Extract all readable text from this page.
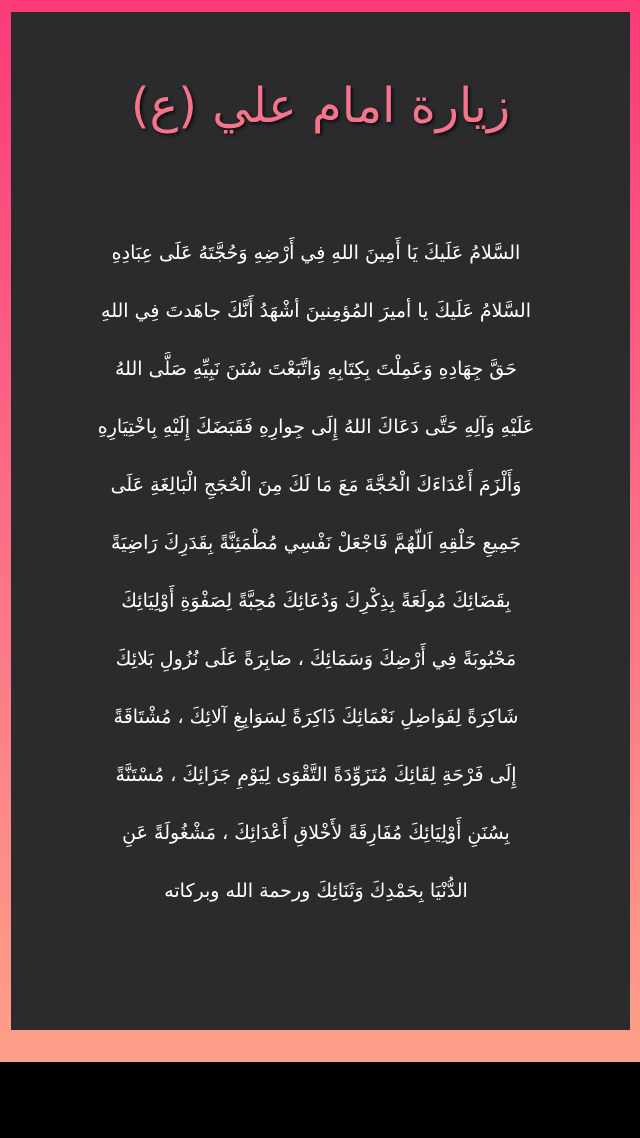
زيارة امام علي (ع)
السَّلامُ عَلَيكَ يَا أَمِينَ اللهِ فِي أَرْضِهِ وَحُجَّتَهُ عَلَى عِبَادِهِ
السَّلامُ عَلَيكَ يا أميرَ المُؤمِنينَ أشْهَدُ أَنَّكَ جاهَدتَ فِي اللهِ
حَقَّ جِهَادِهِ وَعَمِلْتَ بِكِتَابِهِ وَاتَّبَعْتَ سُنَنَ نَبِيِّهِ صَلَّى اللهُ
عَلَيْهِ وَآلِهِ حَتَّى دَعَاكَ اللهُ إِلَى جِوارِهِ فَقَبَضَكَ إِلَيْهِ بِاخْتِيَارِهِ
وَأَلْزَمَ أَعْدَاءَكَ الْحُجَّةَ مَعَ مَا لَكَ مِنَ الْحُجَجِ الْبَالِغَةِ عَلَى
جَمِيعِ خَلْقِهِ اَللّهُمَّ فَاجْعَلْ نَفْسِي مُطْمَئِنَّةً بِقَدَرِكَ رَاضِيَةً
بِقَضَائِكَ مُولَعَةً بِذِكْرِكَ وَدُعَائِكَ مُحِبَّةً لِصَفْوَةِ أَوْلِيَائِكَ
مَحْبُوبَةً فِي أَرْضِكَ وَسَمَائِكَ ، صَابِرَةً عَلَى نُزُولِ بَلائِكَ
شَاكِرَةً لِفَوَاضِلِ نَعْمَائِكَ ذَاكِرَةً لِسَوَابِغِ آلائِكَ ، مُشْتَاقَةً
إِلَى فَرْحَةِ لِقَائِكَ مُتَزَوِّدَةً التَّقْوَى لِيَوْمِ جَزَائِكَ ، مُسْتَنَّةً
بِسُنَنِ أَوْلِيَائِكَ مُفَارِقَةً لأَخْلاقِ أَعْدَائِكَ ، مَشْغُولَةً عَنِ
الدُّنْيَا بِحَمْدِكَ وَثَنَائِكَ ورحمة الله وبركاته
